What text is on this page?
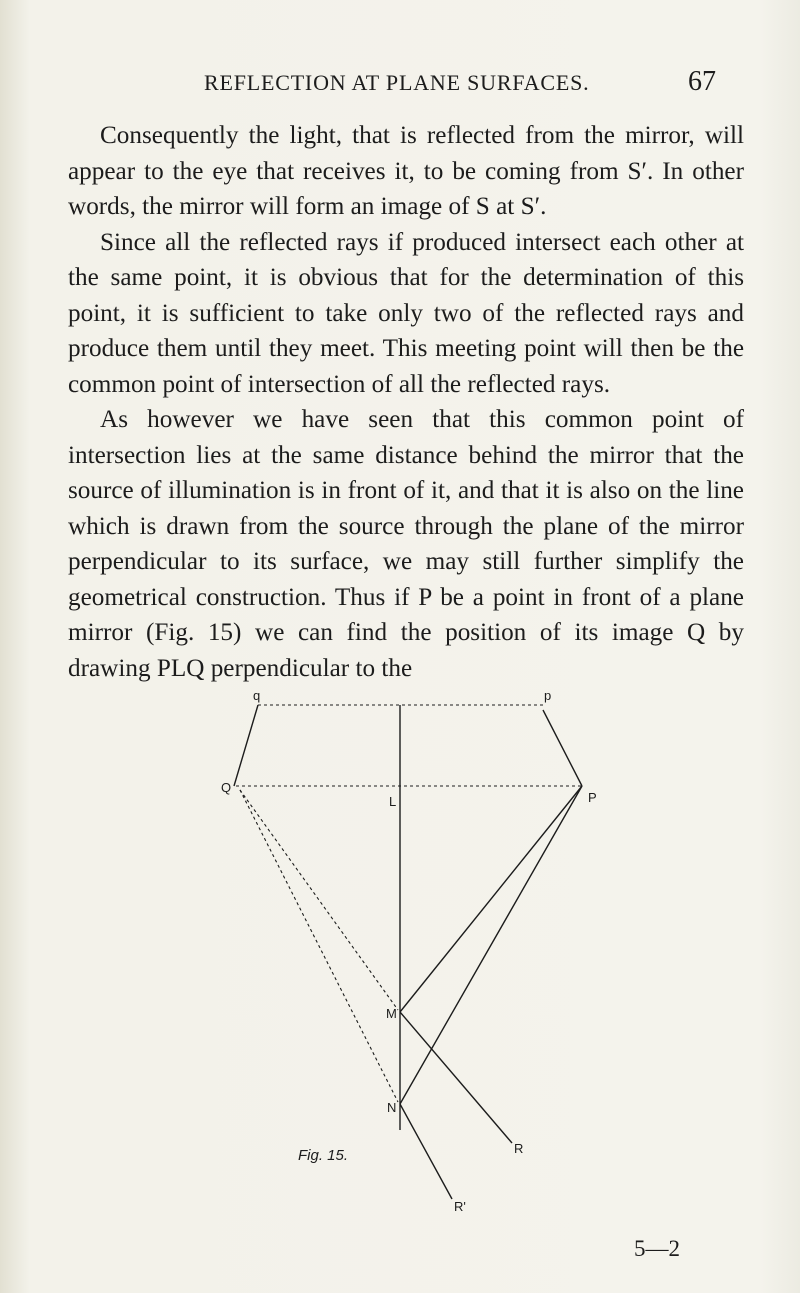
REFLECTION AT PLANE SURFACES.	67

Consequently the light, that is reflected from the mirror, will appear to the eye that receives it, to be coming from S′. In other words, the mirror will form an image of S at S′.

Since all the reflected rays if produced intersect each other at the same point, it is obvious that for the determination of this point, it is sufficient to take only two of the reflected rays and produce them until they meet. This meeting point will then be the common point of intersection of all the reflected rays.

As however we have seen that this common point of intersection lies at the same distance behind the mirror that the source of illumination is in front of it, and that it is also on the line which is drawn from the source through the plane of the mirror perpendicular to its surface, we may still further simplify the geometrical construction. Thus if P be a point in front of a plane mirror (Fig. 15) we can find the position of its image Q by drawing PLQ perpendicular to the

q	p
Q
L	P
M
N
R
R'
Fig. 15.
5—2
